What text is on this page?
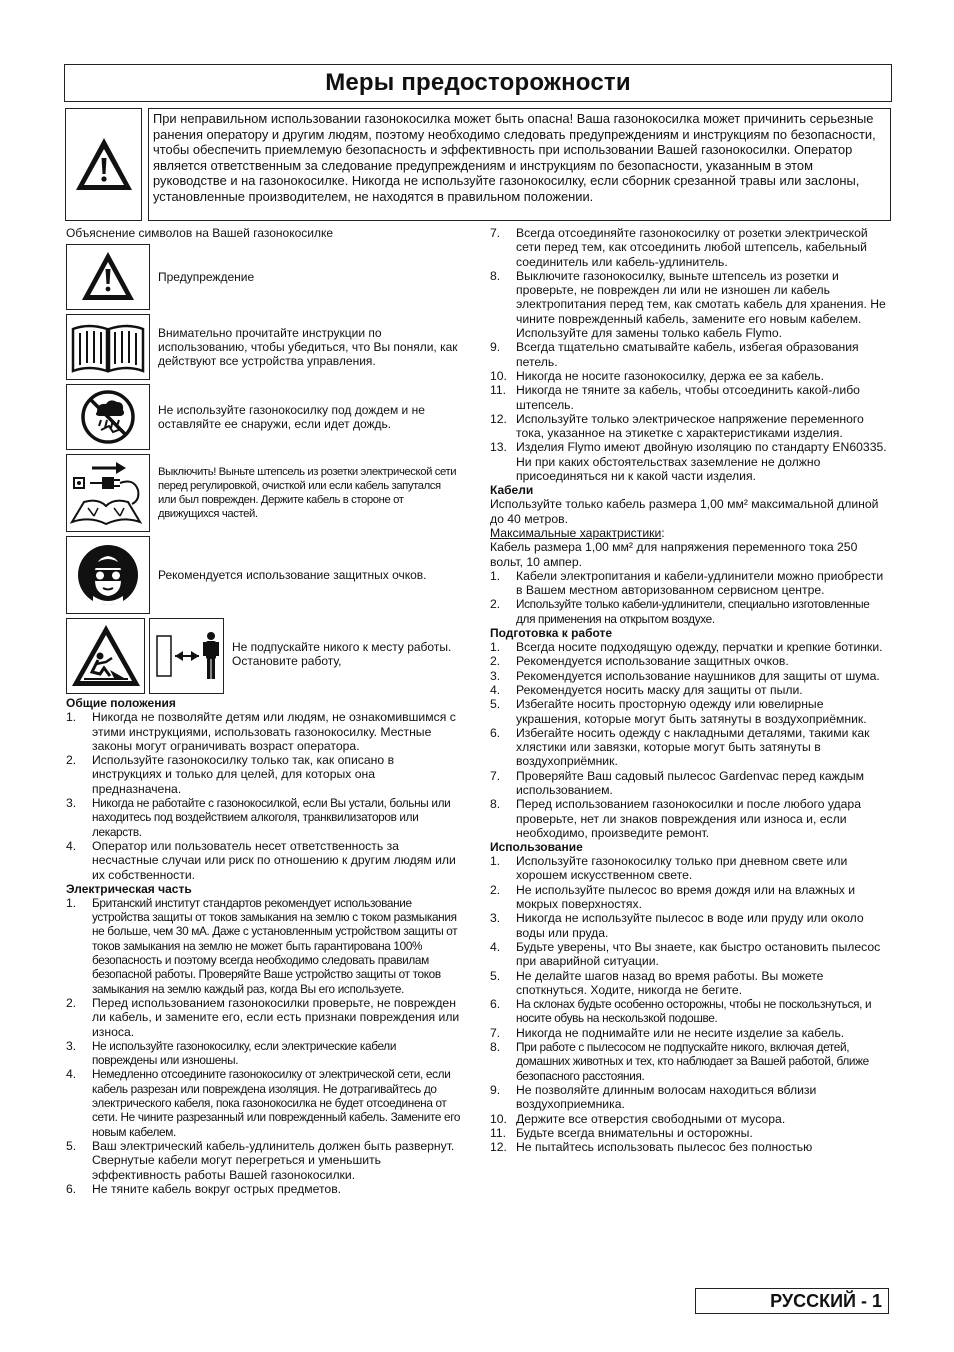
Меры предосторожности
При неправильном использовании газонокосилка может быть опасна! Ваша газонокосилка может причинить серьезные ранения оператору и другим людям, поэтому необходимо следовать предупреждениям и инструкциям по безопасности, чтобы обеспечить приемлемую безопасность и эффективность при использовании Вашей газонокосилки. Оператор является ответственным за следование предупреждениям и инструкциям по безопасности, указанным в этом руководстве и на газонокосилке. Никогда не используйте газонокосилку, если сборник срезанной травы или заслоны, установленные производителем, не находятся в правильном положении.
Объяснение символов на Вашей газонокосилке
Предупреждение
Внимательно прочитайте инструкции по использованию, чтобы убедиться, что Вы поняли, как действуют все устройства управления.
Не используйте газонокосилку под дождем и не оставляйте ее снаружи, если идет дождь.
Выключить! Выньте штепсель из розетки электрической сети перед регулировкой, очисткой или если кабель запутался или был поврежден. Держите кабель в стороне от движущихся частей.
Рекомендуется использование защитных очков.
Не подпускайте никого к месту работы. Остановите работу,
Общие положения
1.	Никогда не позволяйте детям или людям, не ознакомившимся с этими инструкциями, использовать газонокосилку. Местные законы могут ограничивать возраст оператора.
2.	Используйте газонокосилку только так, как описано в инструкциях и только для целей, для которых она предназначена.
3.	Никогда не работайте с газонокосилкой, если Вы устали, больны или находитесь под воздействием алкоголя, транквилизаторов или лекарств.
4.	Оператор или пользователь несет ответственность за несчастные случаи или риск по отношению к другим людям или их собственности.
Электрическая часть
1.	Британский институт стандартов рекомендует использование устройства защиты от токов замыкания на землю с током размыкания не больше, чем 30 мА. Даже с установленным устройством защиты от токов замыкания на землю не может быть гарантирована 100% безопасность и поэтому всегда необходимо следовать правилам безопасной работы. Проверяйте Ваше устройство защиты от токов замыкания на землю каждый раз, когда Вы его используете.
2.	Перед использованием газонокосилки проверьте, не поврежден ли кабель, и замените его, если есть признаки повреждения или износа.
3.	Не используйте газонокосилку, если электрические кабели повреждены или изношены.
4.	Немедленно отсоедините газонокосилку от электрической сети, если кабель разрезан или повреждена изоляция. Не дотрагивайтесь до электрического кабеля, пока газонокосилка не будет отсоединена от сети. Не чините разрезанный или поврежденный кабель. Замените его новым кабелем.
5.	Ваш электрический кабель-удлинитель должен быть развернут. Свернутые кабели могут перегреться и уменьшить эффективность работы Вашей газонокосилки.
6.	Не тяните кабель вокруг острых предметов.
7.	Всегда отсоединяйте газонокосилку от розетки электрической сети перед тем, как отсоединить любой штепсель, кабельный соединитель или кабель-удлинитель.
8.	Выключите газонокосилку, выньте штепсель из розетки и проверьте, не поврежден ли или не изношен ли кабель электропитания перед тем, как смотать кабель для хранения. Не чините поврежденный кабель, замените его новым кабелем. Используйте для замены только кабель Flymo.
9.	Всегда тщательно сматывайте кабель, избегая образования петель.
10. Никогда не носите газонокосилку, держа ее за кабель.
11. Никогда не тяните за кабель, чтобы отсоединить какой-либо штепсель.
12. Используйте только электрическое напряжение переменного тока, указанное на этикетке с характеристиками изделия.
13. Изделия Flymo имеют двойную изоляцию по стандарту EN60335. Ни при каких обстоятельствах заземление не должно присоединяться ни к какой части изделия.
Кабели

Используйте только кабель размера 1,00 мм² максимальной длиной до 40 метров.

Максимальные характристики:

Кабель размера 1,00 мм² для напряжения переменного тока 250 вольт, 10 ампер.

1.	Кабели электропитания и кабели-удлинители можно приобрести в Вашем местном авторизованном сервисном центре.
2.	Используйте только кабели-удлинители, специально изготовленные для применения на открытом воздухе.
Подготовка к работе
1.	Всегда носите подходящую одежду, перчатки и крепкие ботинки.
2.	Рекомендуется использование защитных очков.
3.	Рекомендуется использование наушников для защиты от шума.
4.	Рекомендуется носить маску для защиты от пыли.
5.	Избегайте носить просторную одежду или ювелирные украшения, которые могут быть затянуты в воздухоприёмник.
6.	Избегайте носить одежду с накладными деталями, такими как хлястики или завязки, которые могут быть затянуты в воздухоприёмник.
7.	Проверяйте Ваш садовый пылесос Gardenvac перед каждым использованием.
8.	Перед использованием газонокосилки и после любого удара проверьте, нет ли знаков повреждения или износа и, если необходимо, произведите ремонт.
Использование
1.	Используйте газонокосилку только при дневном свете или хорошем искусственном свете.
2.	Не используйте пылесос во время дождя или на влажных и мокрых поверхностях.
3.	Никогда не используйте пылесос в воде или пруду или около воды или пруда.
4.	Будьте уверены, что Вы знаете, как быстро остановить пылесос при аварийной ситуации.
5.	Не делайте шагов назад во время работы. Вы можете споткнуться. Ходите, никогда не бегите.
6.	На склонах будьте особенно осторожны, чтобы не поскользнуться, и носите обувь на нескользкой подошве.
7.	Никогда не поднимайте или не несите изделие за кабель.
8.	При работе с пылесосом не подпускайте никого, включая детей, домашних животных и тех, кто наблюдает за Вашей работой, ближе безопасного расстояния.
9.	Не позволяйте длинным волосам находиться вблизи воздухоприемника.
10. Держите все отверстия свободными от мусора.
11. Будьте всегда внимательны и осторожны.
12. Не пытайтесь использовать пылесос без полностью
РУССКИЙ - 1
